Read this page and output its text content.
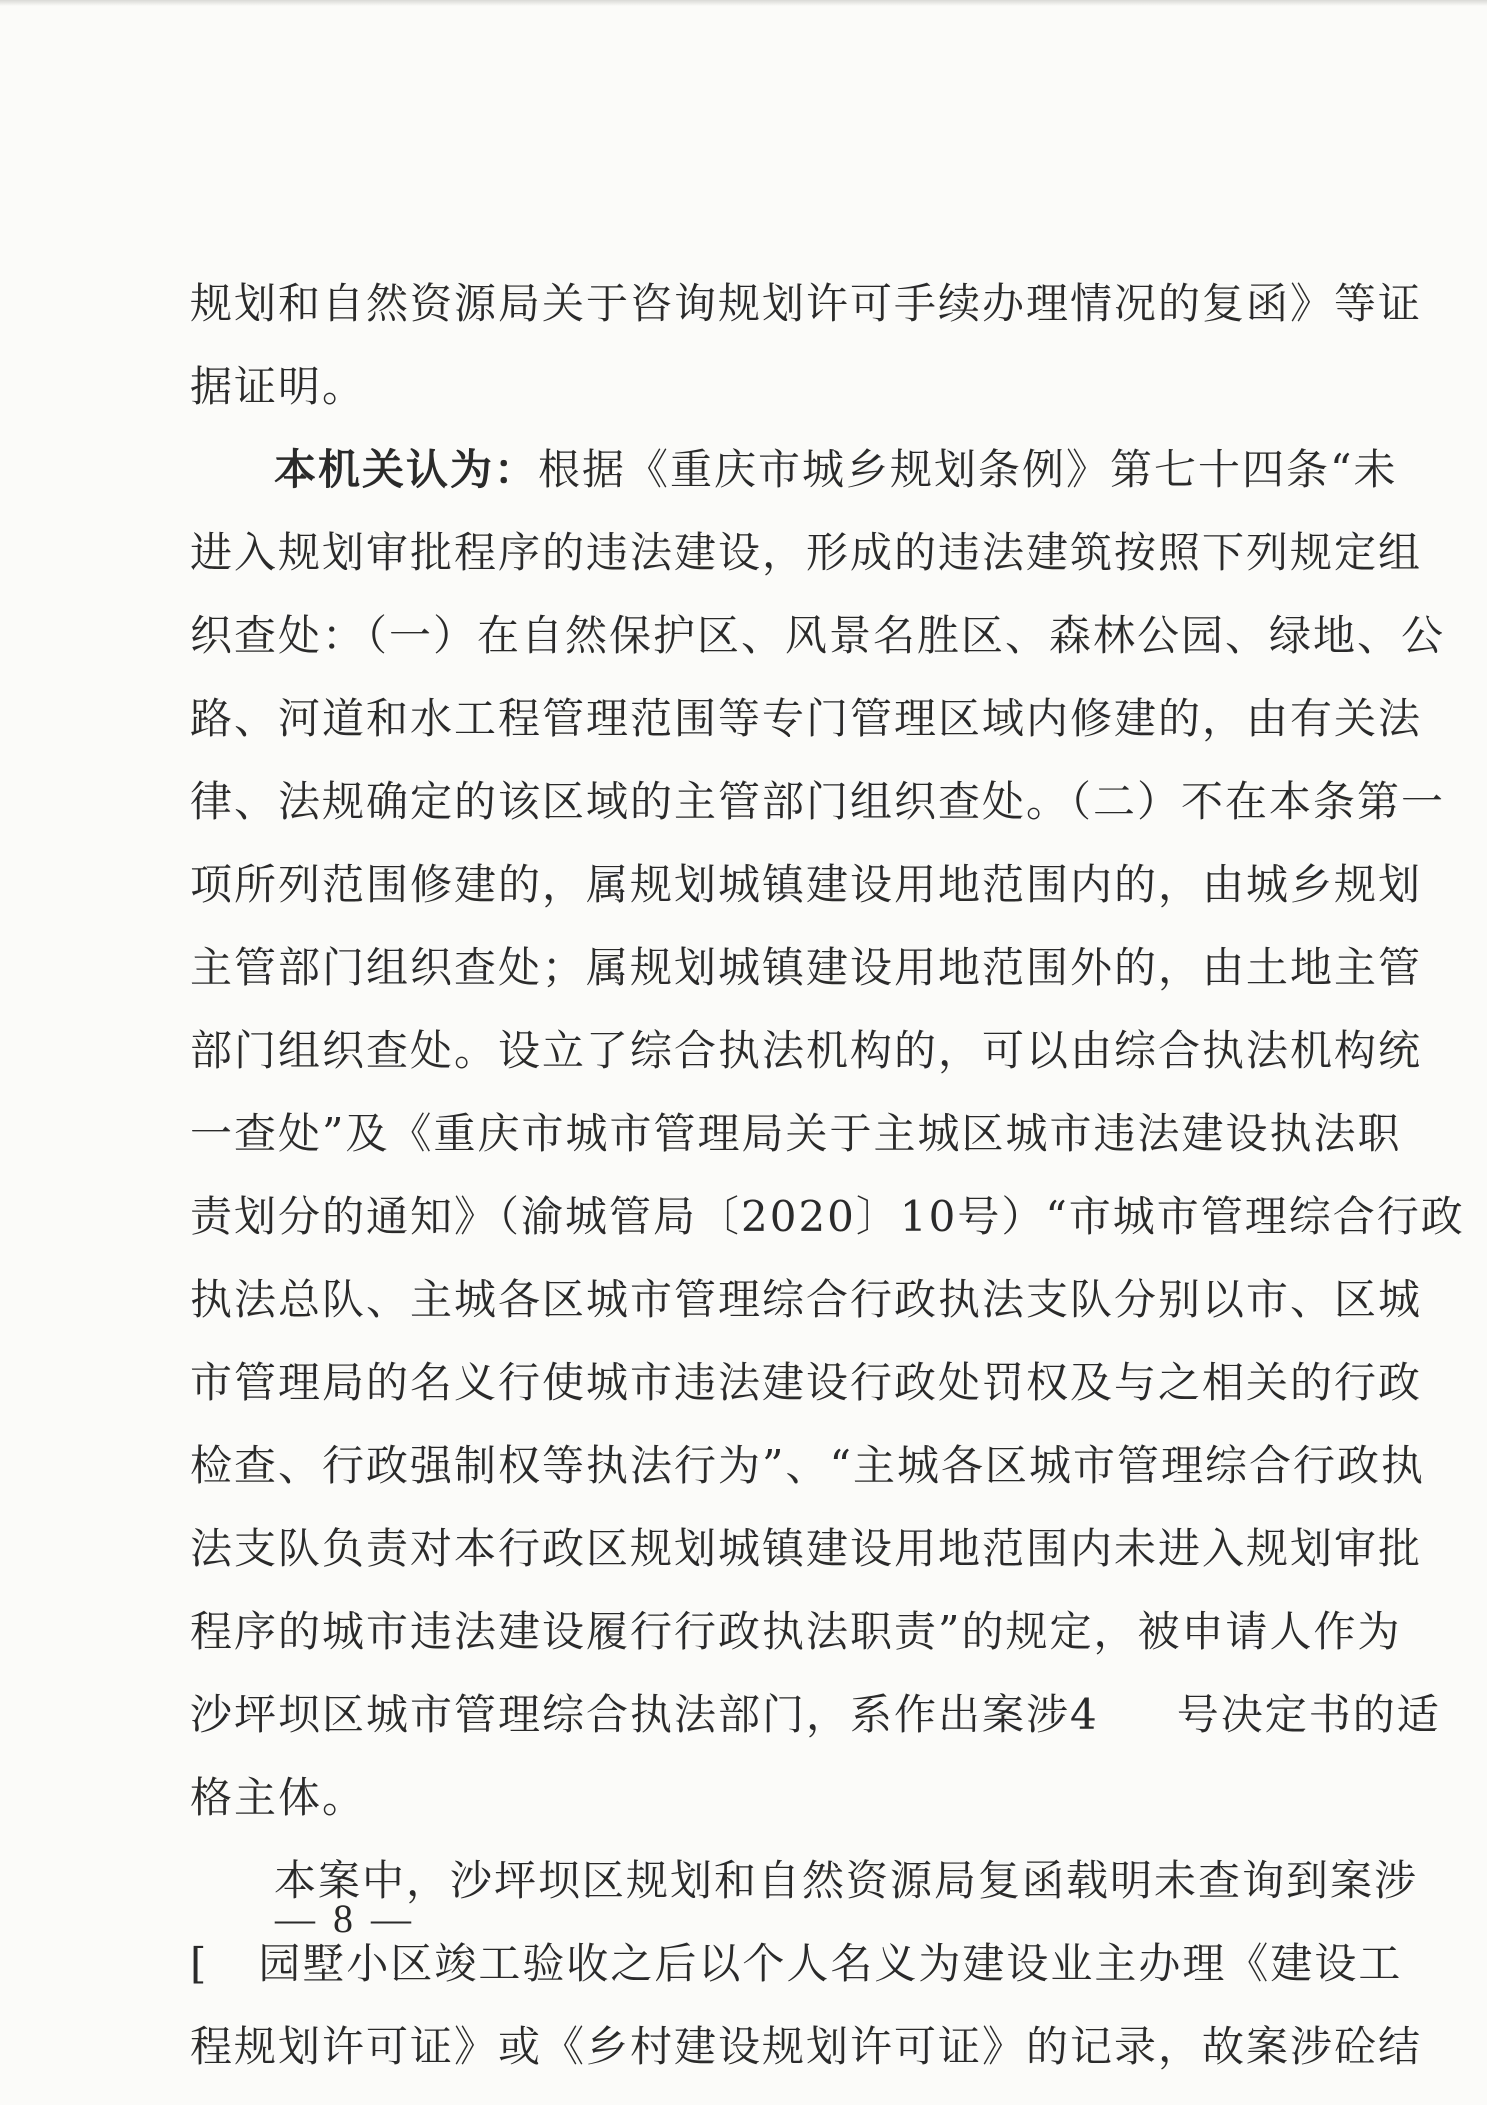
规划和自然资源局关于咨询规划许可手续办理情况的复函》等证
据证明。
本机关认为：根据《重庆市城乡规划条例》第七十四条“未
进入规划审批程序的违法建设，形成的违法建筑按照下列规定组
织查处：（一）在自然保护区、风景名胜区、森林公园、绿地、公
路、河道和水工程管理范围等专门管理区域内修建的，由有关法
律、法规确定的该区域的主管部门组织查处。（二）不在本条第一
项所列范围修建的，属规划城镇建设用地范围内的，由城乡规划
主管部门组织查处；属规划城镇建设用地范围外的，由土地主管
部门组织查处。设立了综合执法机构的，可以由综合执法机构统
一查处”及《重庆市城市管理局关于主城区城市违法建设执法职
责划分的通知》（渝城管局〔2020〕10号）“市城市管理综合行政
执法总队、主城各区城市管理综合行政执法支队分别以市、区城
市管理局的名义行使城市违法建设行政处罚权及与之相关的行政
检查、行政强制权等执法行为”、“主城各区城市管理综合行政执
法支队负责对本行政区规划城镇建设用地范围内未进入规划审批
程序的城市违法建设履行行政执法职责”的规定，被申请人作为
沙坪坝区城市管理综合执法部门，系作出案涉4 号决定书的适
格主体。
本案中，沙坪坝区规划和自然资源局复函载明未查询到案涉
[ 园墅小区竣工验收之后以个人名义为建设业主办理《建设工
程规划许可证》或《乡村建设规划许可证》的记录，故案涉砼结
— 8 —
